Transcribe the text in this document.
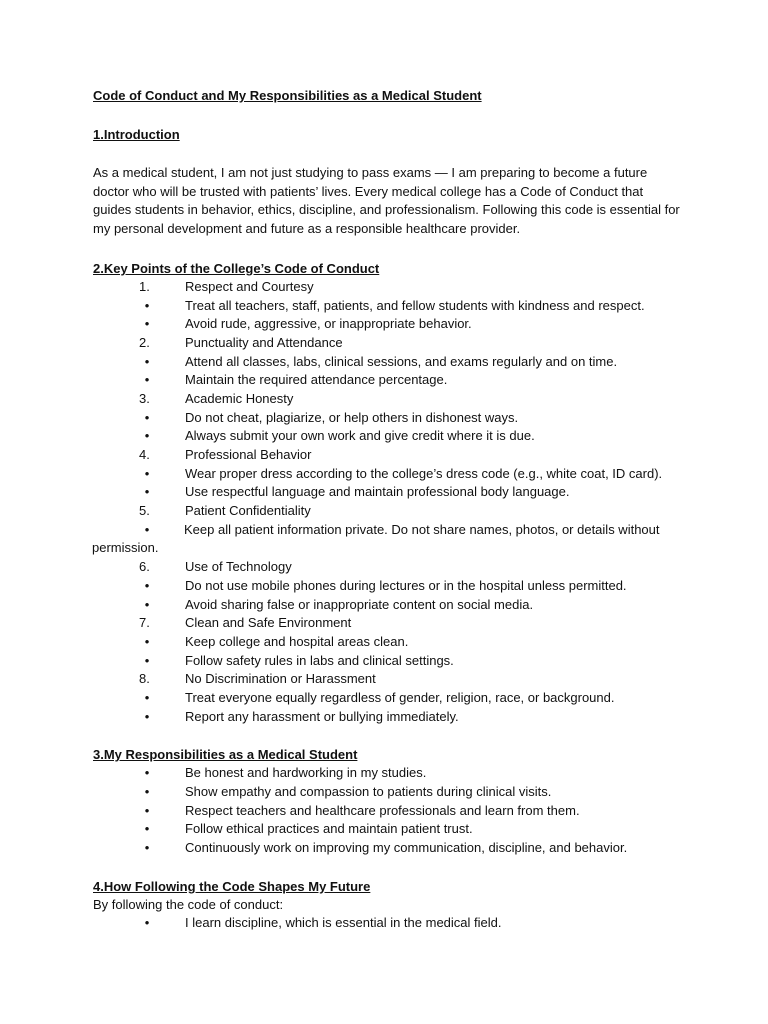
Code of Conduct and My Responsibilities as a Medical Student
1.Introduction

As a medical student, I am not just studying to pass exams — I am preparing to become a future doctor who will be trusted with patients’ lives. Every medical college has a Code of Conduct that guides students in behavior, ethics, discipline, and professionalism. Following this code is essential for my personal development and future as a responsible healthcare provider.

2.Key Points of the College’s Code of Conduct
1.	Respect and Courtesy
•	Treat all teachers, staff, patients, and fellow students with kindness and respect.
•	Avoid rude, aggressive, or inappropriate behavior.
2.	Punctuality and Attendance
•	Attend all classes, labs, clinical sessions, and exams regularly and on time.
•	Maintain the required attendance percentage.
3.	Academic Honesty
•	Do not cheat, plagiarize, or help others in dishonest ways.
•	Always submit your own work and give credit where it is due.
4.	Professional Behavior
•	Wear proper dress according to the college’s dress code (e.g., white coat, ID card).
•	Use respectful language and maintain professional body language.
5.	Patient Confidentiality
•	Keep all patient information private. Do not share names, photos, or details without permission.
6.	Use of Technology
•	Do not use mobile phones during lectures or in the hospital unless permitted.
•	Avoid sharing false or inappropriate content on social media.
7.	Clean and Safe Environment
•	Keep college and hospital areas clean.
•	Follow safety rules in labs and clinical settings.
8.	No Discrimination or Harassment
•	Treat everyone equally regardless of gender, religion, race, or background.
•	Report any harassment or bullying immediately.
3.My Responsibilities as a Medical Student
•	Be honest and hardworking in my studies.
•	Show empathy and compassion to patients during clinical visits.
•	Respect teachers and healthcare professionals and learn from them.
•	Follow ethical practices and maintain patient trust.
•	Continuously work on improving my communication, discipline, and behavior.
4.How Following the Code Shapes My Future

By following the code of conduct:

•	I learn discipline, which is essential in the medical field.
